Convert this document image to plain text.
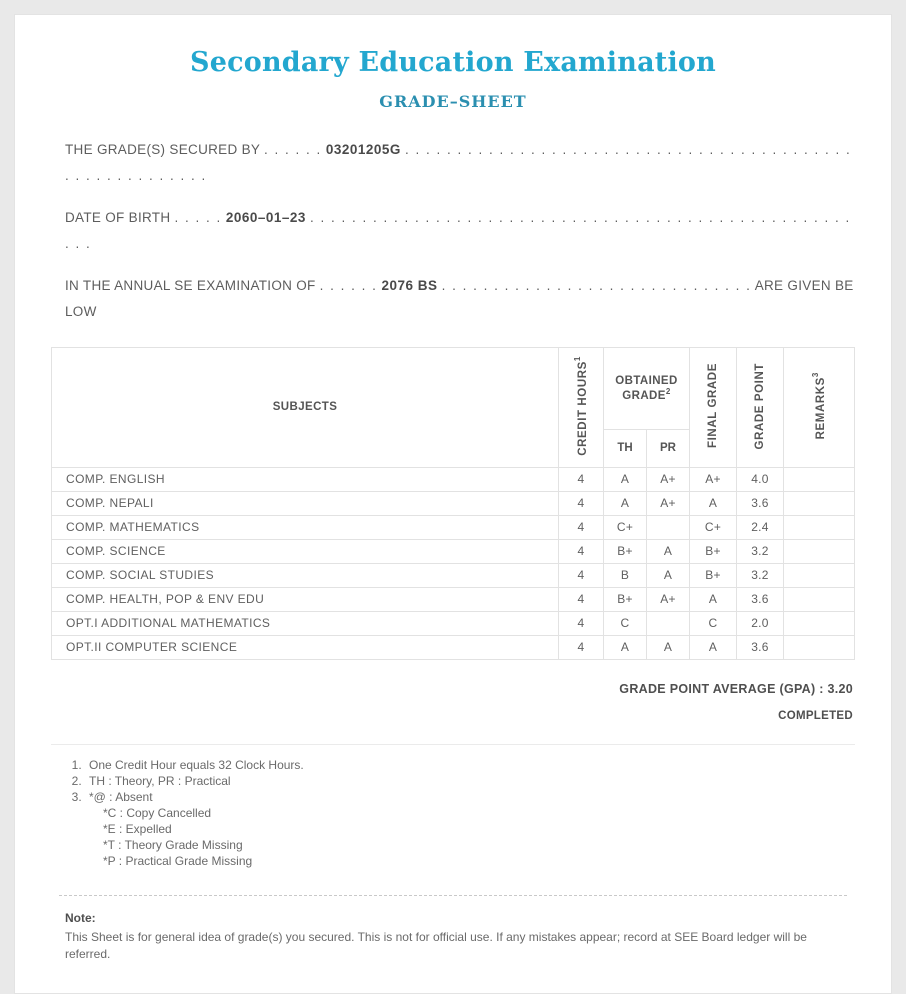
Secondary Education Examination
GRADE–SHEET
THE GRADE(S) SECURED BY . . . . . . 03201205G . . . . . . . . . . . . . . . . . . . . . . . . . . . . . . . . . . . . . . . . . . . . . . . . . . . . . . . . .
DATE OF BIRTH . . . . . 2060–01–23 . . . . . . . . . . . . . . . . . . . . . . . . . . . . . . . . . . . . . . . . . . . . . . . . . . . . . . .
IN THE ANNUAL SE EXAMINATION OF . . . . . . 2076 BS . . . . . . . . . . . . . . . . . . . . . . . . . . . . . . ARE GIVEN BELOW
SUBJECTS	CREDIT HOURS$^1$	OBTAINED GRADE$^2$		FINAL GRADE	GRADE POINT	REMARKS$^3$
		TH	PR			
COMP. ENGLISH	4	A	A+	A+	4.0	
COMP. NEPALI	4	A	A+	A	3.6	
COMP. MATHEMATICS	4	C+		C+	2.4	
COMP. SCIENCE	4	B+	A	B+	3.2	
COMP. SOCIAL STUDIES	4	B	A	B+	3.2	
COMP. HEALTH, POP & ENV EDU	4	B+	A+	A	3.6	
OPT.I ADDITIONAL MATHEMATICS	4	C		C	2.0	
OPT.II COMPUTER SCIENCE	4	A	A	A	3.6	
GRADE POINT AVERAGE (GPA) : 3.20
COMPLETED
1. One Credit Hour equals 32 Clock Hours.
2. TH : Theory, PR : Practical
3. *@ : Absent
*C : Copy Cancelled
*E : Expelled
*T : Theory Grade Missing
*P : Practical Grade Missing
Note:
This Sheet is for general idea of grade(s) you secured. This is not for official use. If any mistakes appear; record at SEE Board ledger will be referred.
